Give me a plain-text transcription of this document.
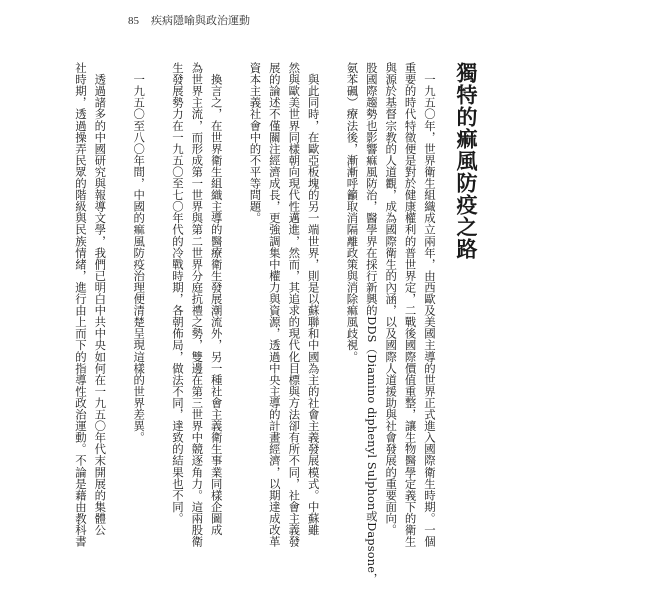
85 疾病隱喻與政治運動
獨特的痲風防疫之路
　一九五〇年，世界衛生組織成立兩年，由西歐及美國主導的世界正式進入國際衛生時期。一個
重要的時代特徵便是對於健康權利的普世界定，二戰後國際價值重整，讓生物醫學定義下的衛生
與源於基督宗教的人道觀，成為國際衛生的內涵，以及國際人道援助與社會發展的重要面向。
股國際趨勢也影響痲風防治，醫學界在採行新興的DDS（Diamino diphenyl Sulphon或Dapsone，
氨苯碸）療法後，漸漸呼籲取消隔離政策與消除痲風歧視。
　與此同時，在歐亞板塊的另一端世界，則是以蘇聯和中國為主的社會主義發展模式。中蘇雖
然與歐美世界同樣朝向現代性邁進，然而，其追求的現代化目標與方法卻有所不同，社會主義發
展的論述不僅關注經濟成長，更強調集中權力與資源，透過中央主導的計畫經濟，以期達成改革
資本主義社會中的不平等問題。
　換言之，在世界衛生組織主導的醫療衛生發展潮流外，另一種社會主義衛生事業同樣企圖成
為世界主流，而形成第一世界與第二世界分庭抗禮之勢，雙邊在第三世界中競逐角力。這兩股衛
生發展勢力在一九五〇至七〇年代的冷戰時期，各朝佈局，做法不同，達致的結果也不同。
　一九五〇至八〇年間，中國的痲風防疫治理便清楚呈現這樣的世界差異。
　透過諸多的中國研究與報導文學，我們已明白中共中央如何在一九五〇年代末開展的集體公
社時期，透過操弄民眾的階級與民族情緒，進行由上而下的指導性政治運動。不論是藉由教科書
